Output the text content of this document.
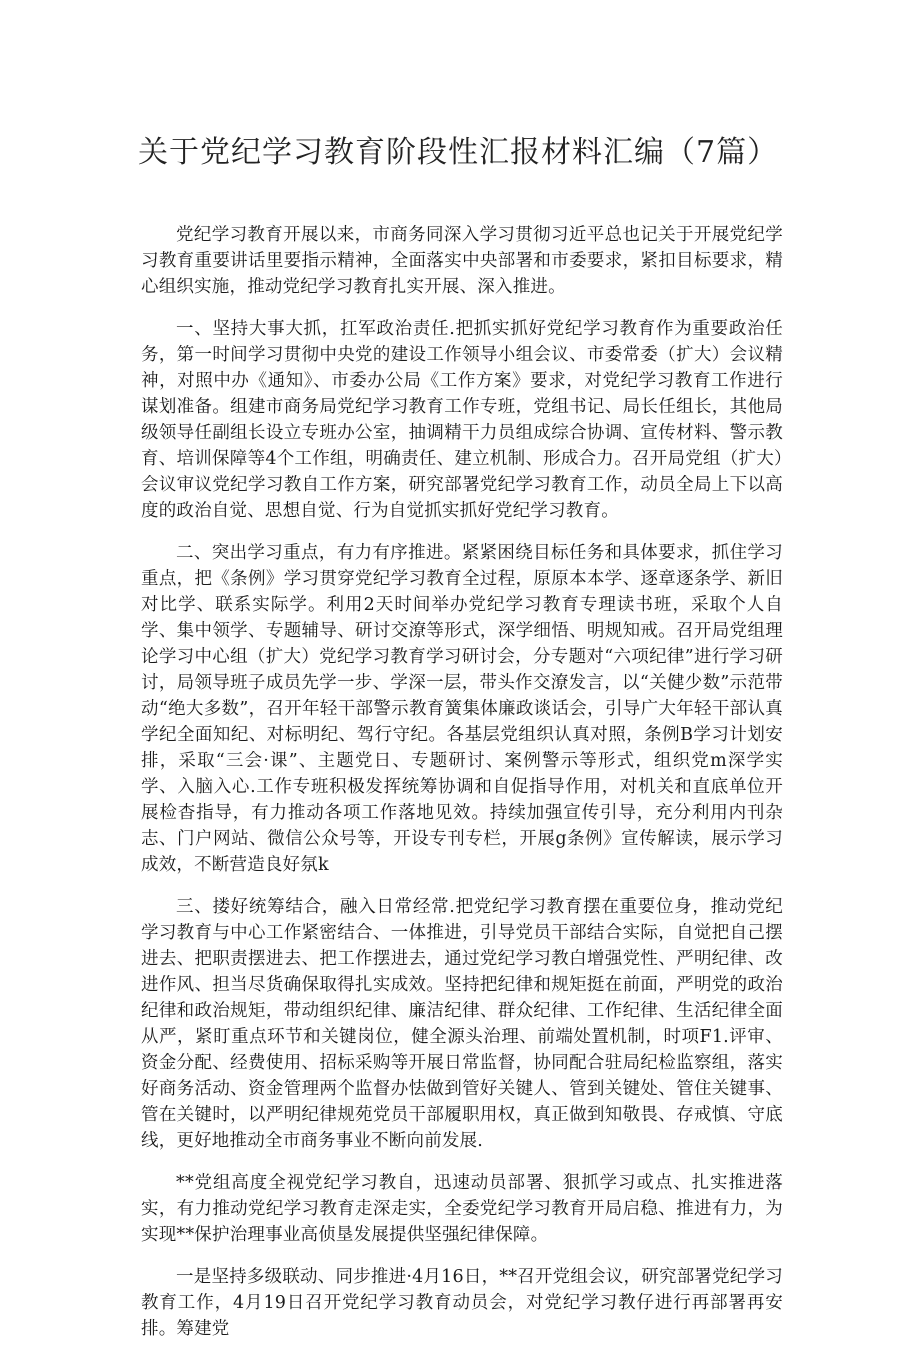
关于党纪学习教育阶段性汇报材料汇编（7篇）

党纪学习教育开展以来，市商务同深入学习贯彻习近平总也记关于开展党纪学习教育重要讲话里要指示精神，全面落实中央部署和市委要求，紧扣目标要求，精心组织实施，推动党纪学习教育扎实开展、深入推进。

一、坚持大事大抓，扛军政治责任.把抓实抓好党纪学习教育作为重要政治任务，第一时间学习贯彻中央党的建设工作领导小组会议、市委常委（扩大）会议精神，对照中办《通知》、市委办公局《工作方案》要求，对党纪学习教育工作进行谋划准备。组建市商务局党纪学习教育工作专班，党组书记、局长任组长，其他局级领导任副组长设立专班办公室，抽调精干力员组成综合协调、宣传材料、警示教育、培训保障等4个工作组，明确责任、建立机制、形成合力。召开局党组（扩大）会议审议党纪学习教自工作方案，研究部署党纪学习教育工作，动员全局上下以高度的政治自觉、思想自觉、行为自觉抓实抓好党纪学习教育。

二、突出学习重点，有力有序推进。紧紧困绕目标任务和具体要求，抓住学习重点，把《条例》学习贯穿党纪学习教育全过程，原原本本学、逐章逐条学、新旧对比学、联系实际学。利用2天时间举办党纪学习教育专理读书班，采取个人自学、集中领学、专题辅导、研讨交潦等形式，深学细悟、明规知戒。召开局党组理论学习中心组（扩大）党纪学习教育学习研讨会，分专题对“六项纪律”进行学习研讨，局领导班子成员先学一步、学深一层，带头作交潦发言，以“关健少数”示范带动“绝大多数”，召开年轻干部警示教育簧集体廉政谈话会，引导广大年轻干部认真学纪全面知纪、对标明纪、驾行守纪。各基层党组织认真对照，条例B学习计划安排，采取“三会·课”、主题党日、专题研讨、案例警示等形式，组织党m深学实学、入脑入心.工作专班积极发挥统筹协调和自促指导作用，对机关和直底单位开展检杳指导，有力推动各项工作落地见效。持续加强宣传引导，充分利用内刊杂志、门户网站、微信公众号等，开设专刊专栏，开展g条例》宣传解读，展示学习成效，不断营造良好氛k

三、搂好统筹结合，融入日常经常.把党纪学习教育摆在重要位身，推动党纪学习教育与中心工作紧密结合、一体推进，引导党员干部结合实际，自觉把自己摆进去、把职责摆进去、把工作摆进去，通过党纪学习教白增强党性、严明纪律、改进作风、担当尽货确保取得扎实成效。坚持把纪律和规矩挺在前面，严明党的政治纪律和政治规矩，带动组织纪律、廉洁纪律、群众纪律、工作纪律、生活纪律全面从严，紧盯重点环节和关键岗位，健全源头治理、前端处置机制，时项F1.评审、资金分配、经费使用、招标采购等开展日常监督，协同配合驻局纪检监察组，落实好商务活动、资金管理两个监督办怯做到管好关键人、管到关键处、管住关键事、管在关键时，以严明纪律规苑党员干部履职用权，真正做到知敬畏、存戒慎、守底线，更好地推动全市商务事业不断向前发展.

**党组高度全视党纪学习教自，迅速动员部署、狠抓学习或点、扎实推进落实，有力推动党纪学习教育走深走实，全委党纪学习教育开局启稳、推进有力，为实现**保护治理事业高侦垦发展提供坚强纪律保障。

一是坚持多级联动、同步推进·4月16日，**召开党组会议，研究部署党纪学习教育工作，4月19日召开党纪学习教育动员会，对党纪学习教仔进行再部署再安排。筹建党
